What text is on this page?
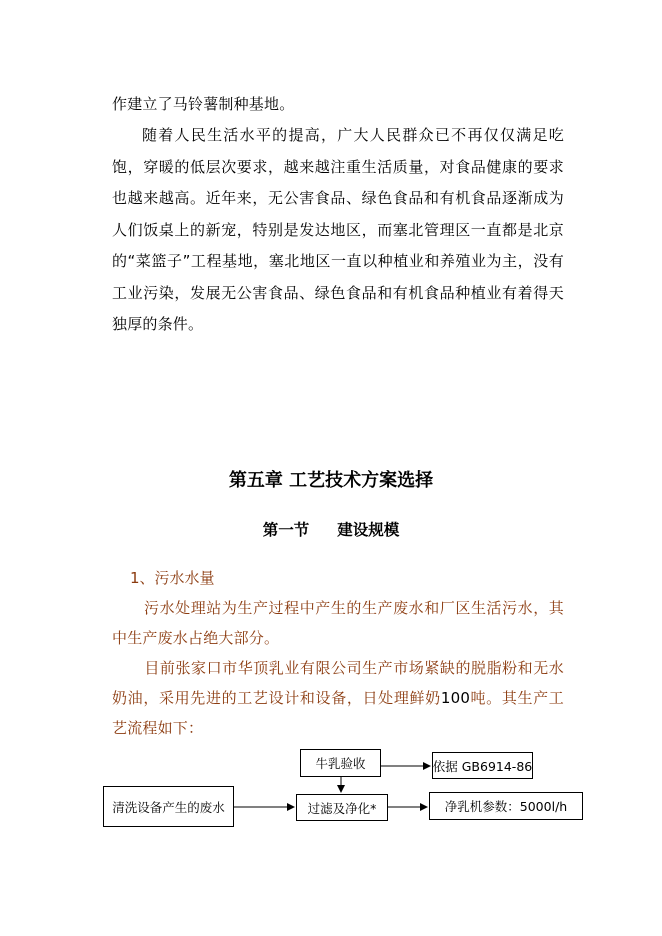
作建立了马铃薯制种基地。

随着人民生活水平的提高，广大人民群众已不再仅仅满足吃饱，穿暖的低层次要求，越来越注重生活质量，对食品健康的要求也越来越高。近年来，无公害食品、绿色食品和有机食品逐渐成为人们饭桌上的新宠，特别是发达地区，而塞北管理区一直都是北京的“菜篮子”工程基地，塞北地区一直以种植业和养殖业为主，没有工业污染，发展无公害食品、绿色食品和有机食品种植业有着得天独厚的条件。

第五章 工艺技术方案选择
第一节 建设规模
1、污水水量

污水处理站为生产过程中产生的生产废水和厂区生活污水，其中生产废水占绝大部分。

目前张家口市华顶乳业有限公司生产市场紧缺的脱脂粉和无水奶油，采用先进的工艺设计和设备，日处理鲜奶100吨。其生产工艺流程如下：

牛乳验收	依据 GB6914-86
清洗设备产生的废水	过滤及净化*	净乳机参数：5000l/h
